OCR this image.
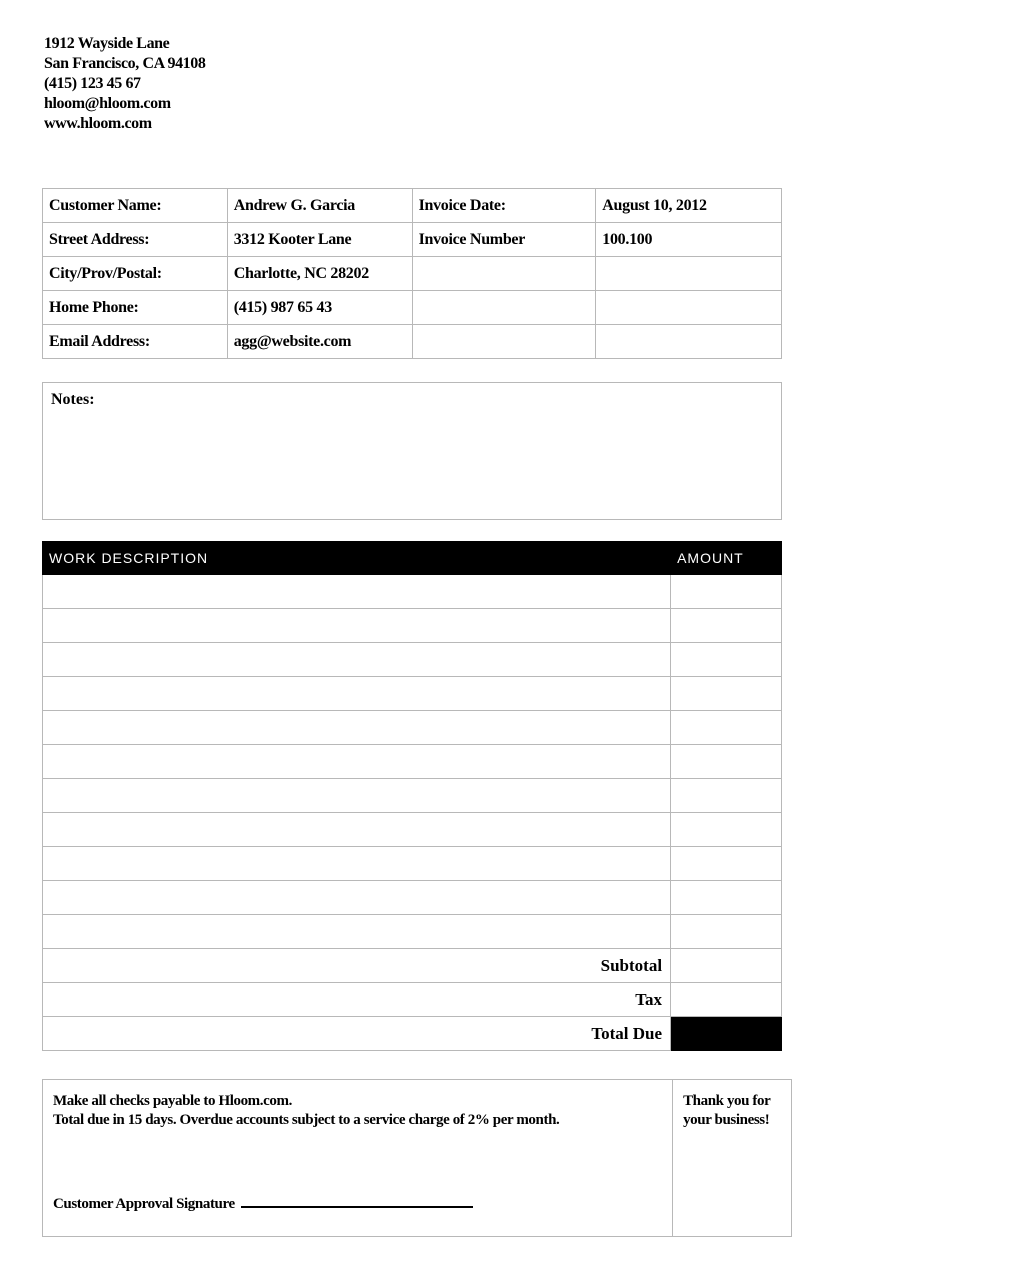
1912 Wayside Lane
San Francisco, CA 94108
(415) 123 45 67
hloom@hloom.com
www.hloom.com
Customer Name:	Andrew G. Garcia	Invoice Date:	August 10, 2012
Street Address:	3312 Kooter Lane	Invoice Number	100.100
City/Prov/Postal:	Charlotte, NC 28202		
Home Phone:	(415) 987 65 43		
Email Address:	agg@website.com		
Notes:
WORK DESCRIPTION	AMOUNT

Subtotal	
Tax	
Total Due	
Make all checks payable to Hloom.com.
Total due in 15 days. Overdue accounts subject to a service charge of 2% per month.
Customer Approval Signature

Thank you for your business!
